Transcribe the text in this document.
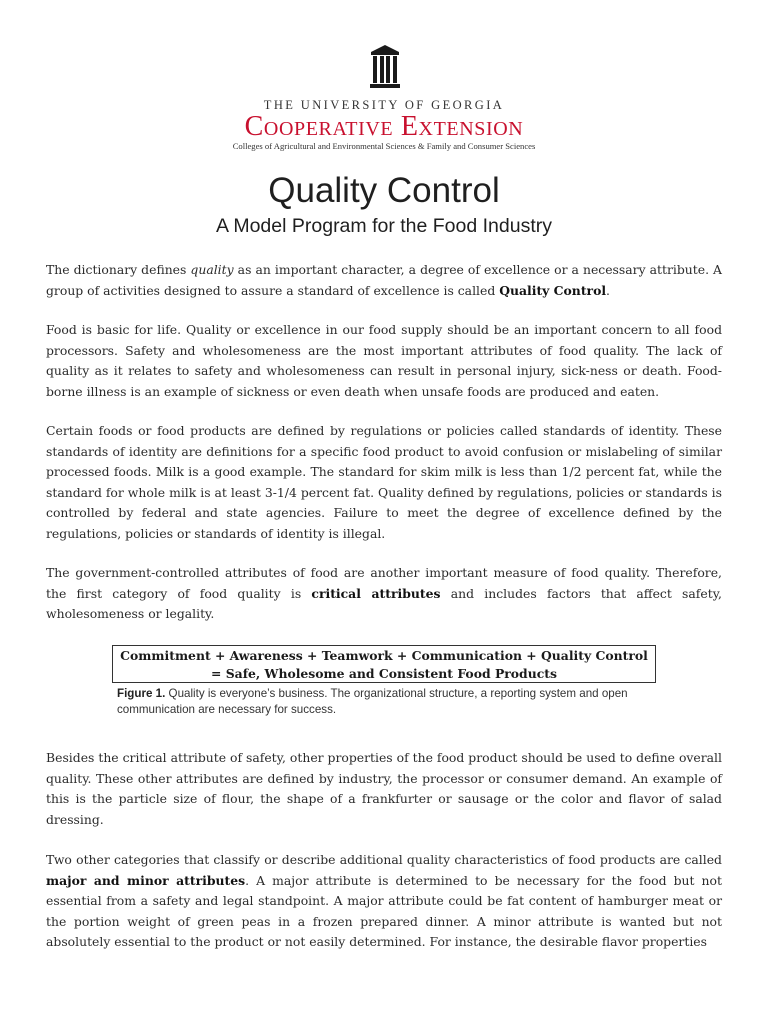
THE UNIVERSITY OF GEORGIA
Cooperative Extension
Colleges of Agricultural and Environmental Sciences & Family and Consumer Sciences
Quality Control
A Model Program for the Food Industry

The dictionary defines quality as an important character, a degree of excellence or a necessary attribute. A group of activities designed to assure a standard of excellence is called Quality Control.

Food is basic for life. Quality or excellence in our food supply should be an important concern to all food processors. Safety and wholesomeness are the most important attributes of food quality. The lack of quality as it relates to safety and wholesomeness can result in personal injury, sick-ness or death. Food-borne illness is an example of sickness or even death when unsafe foods are produced and eaten.

Certain foods or food products are defined by regulations or policies called standards of identity. These standards of identity are definitions for a specific food product to avoid confusion or mislabeling of similar processed foods. Milk is a good example. The standard for skim milk is less than 1/2 percent fat, while the standard for whole milk is at least 3-1/4 percent fat. Quality defined by regulations, policies or standards is controlled by federal and state agencies. Failure to meet the degree of excellence defined by the regulations, policies or standards of identity is illegal.

The government-controlled attributes of food are another important measure of food quality. Therefore, the first category of food quality is critical attributes and includes factors that affect safety, wholesomeness or legality.

Commitment + Awareness + Teamwork + Communication + Quality Control
= Safe, Wholesome and Consistent Food Products
Figure 1. Quality is everyone’s business. The organizational structure, a reporting system and open communication are necessary for success.

Besides the critical attribute of safety, other properties of the food product should be used to define overall quality. These other attributes are defined by industry, the processor or consumer demand. An example of this is the particle size of flour, the shape of a frankfurter or sausage or the color and flavor of salad dressing.

Two other categories that classify or describe additional quality characteristics of food products are called major and minor attributes. A major attribute is determined to be necessary for the food but not essential from a safety and legal standpoint. A major attribute could be fat content of hamburger meat or the portion weight of green peas in a frozen prepared dinner. A minor attribute is wanted but not absolutely essential to the product or not easily determined. For instance, the desirable flavor properties
